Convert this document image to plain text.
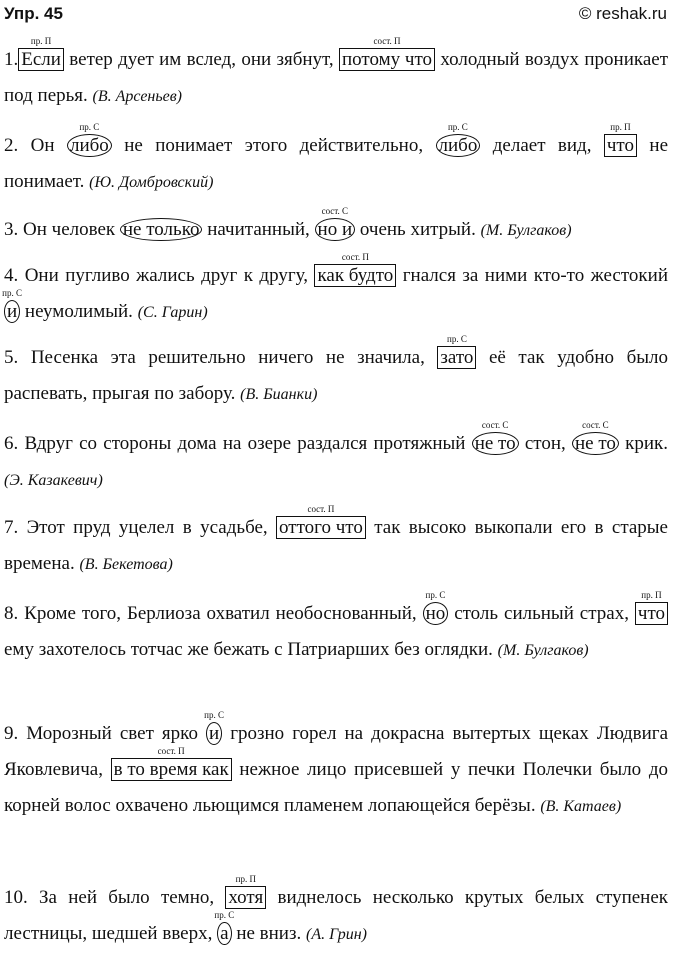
Упр. 45	© reshak.ru
1. Если
пр. П
ветер дует им вслед, они зябнут, потому что
сост. П
холодный воздух проникает под перья. (В. Арсеньев)
2. Он либо
пр. С
не понимает этого действительно, либо
пр. С
делает вид, что
пр. П
не понимает. (Ю. Домбровский)
3. Он человек не только начитанный, но и
сост. С
очень хитрый. (М. Булгаков)
4. Они пугливо жались друг к другу, как будто
сост. П
гнался за ними кто-то жестокий и
пр. С
неумолимый. (С. Гарин)
5. Песенка эта решительно ничего не значила, зато
пр. С
её так удобно было распевать, прыгая по забору. (В. Бианки)
6. Вдруг со стороны дома на озере раздался протяжный не то
сост. С
стон, не то
сост. С
крик. (Э. Казакевич)
7. Этот пруд уцелел в усадьбе, оттого что
сост. П
так высоко выкопали его в старые времена. (В. Бекетова)
8. Кроме того, Берлиоза охватил необоснованный, но
пр. С
столь сильный страх, что
пр. П
ему захотелось тотчас же бежать с Патриарших без оглядки. (М. Булгаков)
9. Морозный свет ярко и
пр. С
грозно горел на докрасна вытертых щеках Людвига Яковлевича, в то время как
сост. П
нежное лицо присевшей у печки Полечки было до корней волос охвачено льющимся пламенем лопающейся берёзы. (В. Катаев)
10. За ней было темно, хотя
пр. П
виднелось несколько крутых белых ступенек лестницы, шедшей вверх, а
пр. С
не вниз. (А. Грин)
